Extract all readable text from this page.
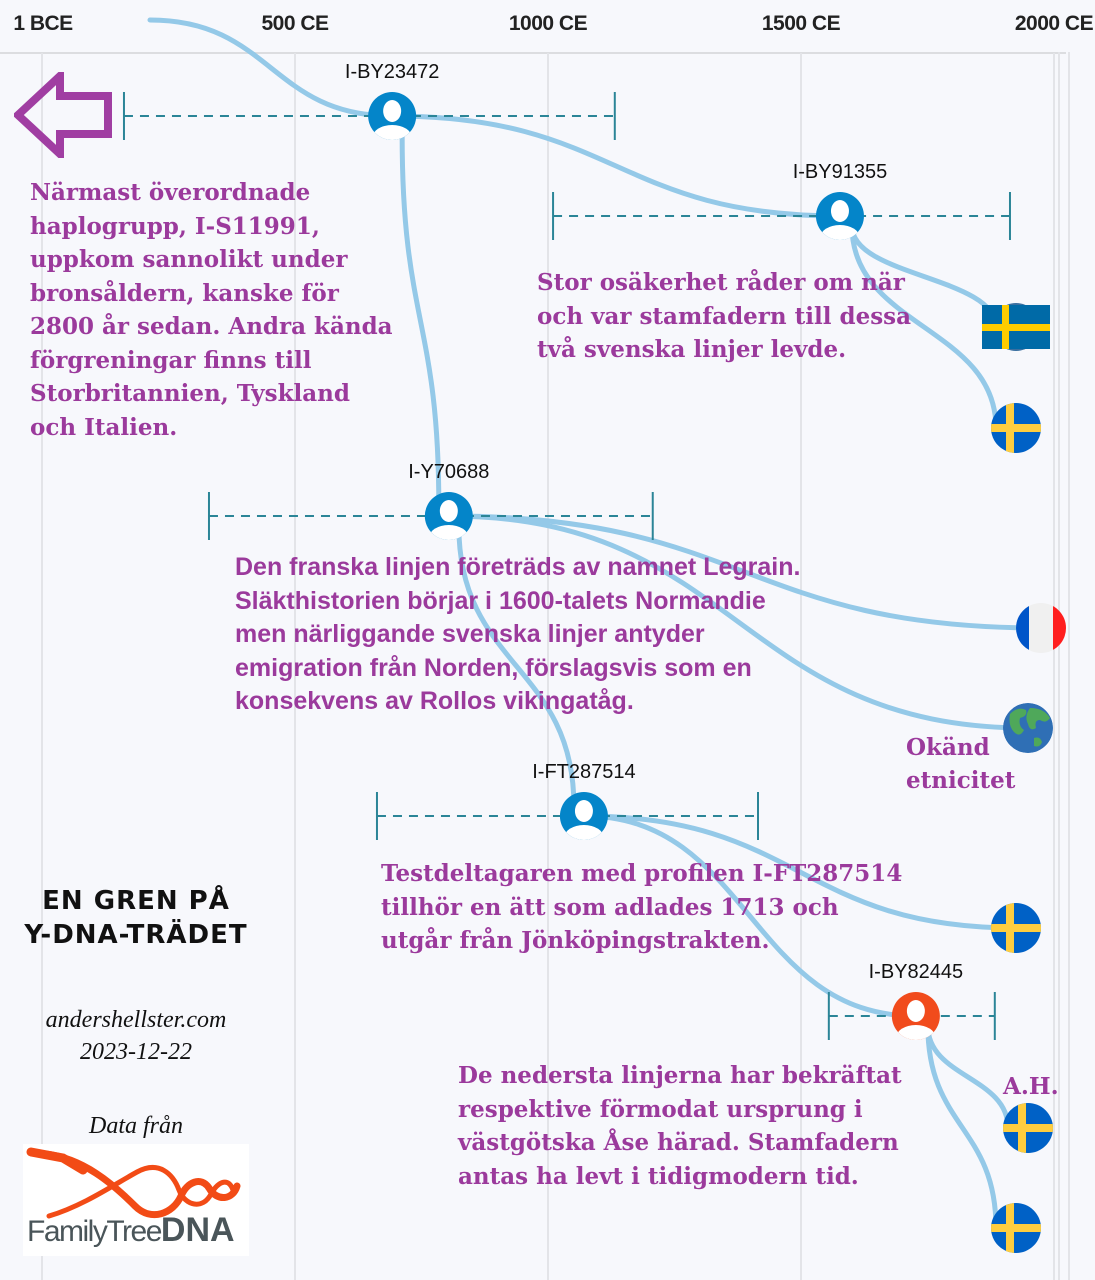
1 BCE	500 CE	1000 CE	1500 CE	2000 CE
I-BY23472
I-BY91355
I-Y70688
I-FT287514
I-BY82445
Närmast överordnade
haplogrupp, I-S11991,
uppkom sannolikt under
bronsåldern, kanske för
2800 år sedan. Andra kända
förgreningar finns till
Storbritannien, Tyskland
och Italien.
Stor osäkerhet råder om när
och var stamfadern till dessa
två svenska linjer levde.
Den franska linjen företräds av namnet Legrain.
Släkthistorien börjar i 1600-talets Normandie
men närliggande svenska linjer antyder
emigration från Norden, förslagsvis som en
konsekvens av Rollos vikingatåg.
Okänd
etnicitet
Testdeltagaren med profilen I-FT287514
tillhör en ätt som adlades 1713 och
utgår från Jönköpingstrakten.
De nedersta linjerna har bekräftat
respektive förmodat ursprung i
västgötska Åse härad. Stamfadern
antas ha levt i tidigmodern tid.
A.H.
EN GREN PÅ
Y-DNA-TRÄDET
andershellster.com
2023-12-22
Data från
FamilyTreeDNA
